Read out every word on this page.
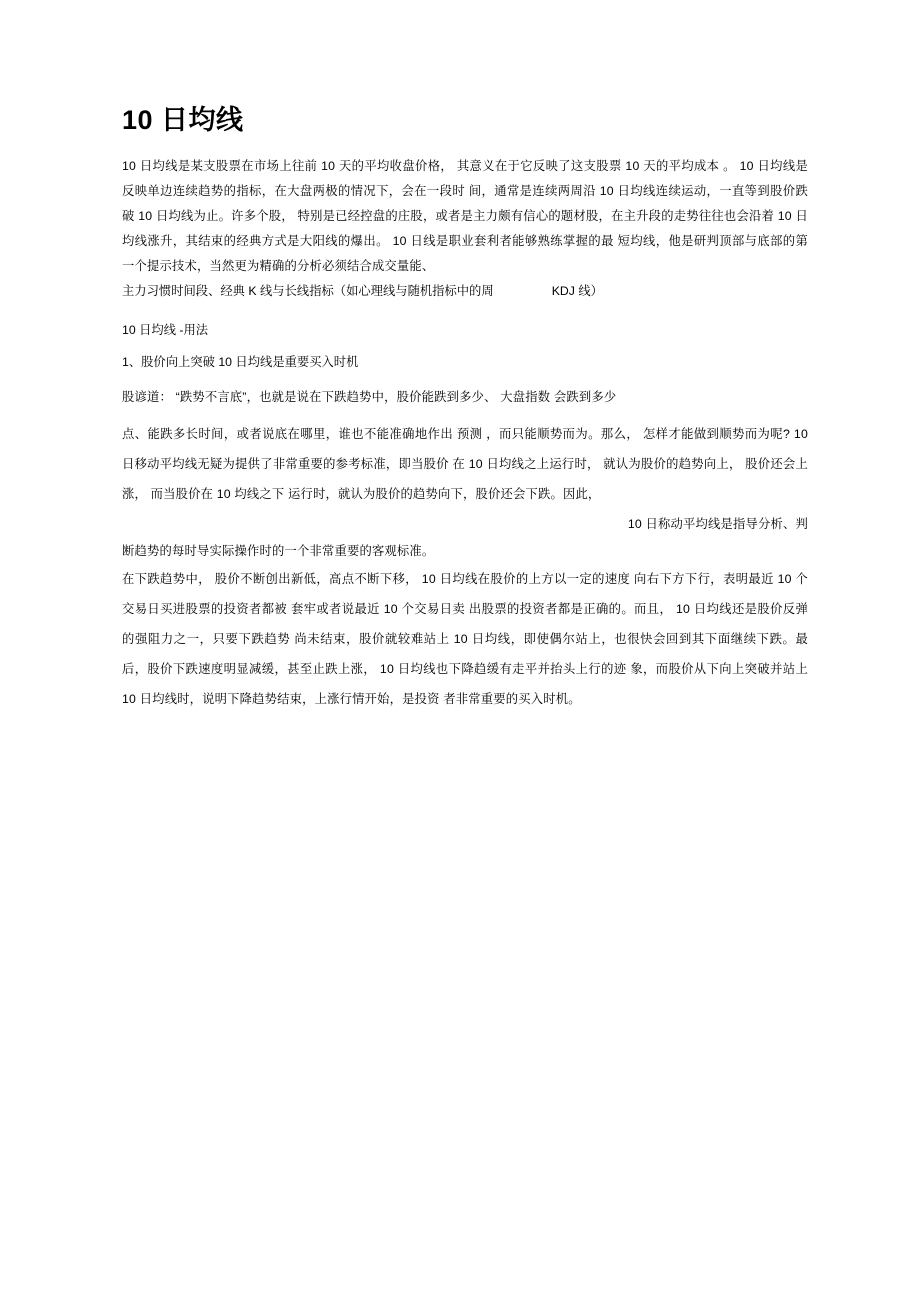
10 日均线

10 日均线是某支股票在市场上往前 10 天的平均收盘价格， 其意义在于它反映了这支股票 10 天的平均成本 。 10 日均线是反映单边连续趋势的指标，在大盘两极的情况下，会在一段时 间，通常是连续两周沿 10 日均线连续运动，一直等到股价跌破 10 日均线为止。许多个股， 特别是已经控盘的庄股，或者是主力颇有信心的题材股，在主升段的走势往往也会沿着 10 日均线涨升，其结束的经典方式是大阳线的爆出。 10 日线是职业套利者能够熟练掌握的最 短均线，他是研判顶部与底部的第一个提示技术，当然更为精确的分析必须结合成交量能、

主力习惯时间段、经典 K 线与长线指标（如心理线与随机指标中的周                 KDJ 线）

10 日均线 -用法

1、股价向上突破 10 日均线是重要买入时机

股谚道： “跌势不言底”，也就是说在下跌趋势中，股价能跌到多少、 大盘指数 会跌到多少

点、能跌多长时间，或者说底在哪里，谁也不能准确地作出 预测 ，而只能顺势而为。那么， 怎样才能做到顺势而为呢? 10 日移动平均线无疑为提供了非常重要的参考标准，即当股价 在 10 日均线之上运行时， 就认为股价的趋势向上， 股价还会上涨， 而当股价在 10 均线之下 运行时，就认为股价的趋势向下，股价还会下跌。因此，

10 日称动平均线是指导分析、判

断趋势的每时导实际操作时的一个非常重要的客观标准。

在下跌趋势中， 股价不断创出新低，高点不断下移， 10 日均线在股价的上方以一定的速度 向右下方下行，表明最近 10 个交易日买进股票的投资者都被 套牢或者说最近 10 个交易日卖 出股票的投资者都是正确的。而且， 10 日均线还是股价反弹的强阻力之一，只要下跌趋势 尚未结束，股价就较难站上 10 日均线，即使偶尔站上，也很快会回到其下面继续下跌。最 后，股价下跌速度明显减缓，甚至止跌上涨， 10 日均线也下降趋缓有走平并抬头上行的迹 象，而股价从下向上突破并站上 10 日均线时，说明下降趋势结束，上涨行情开始，是投资 者非常重要的买入时机。
